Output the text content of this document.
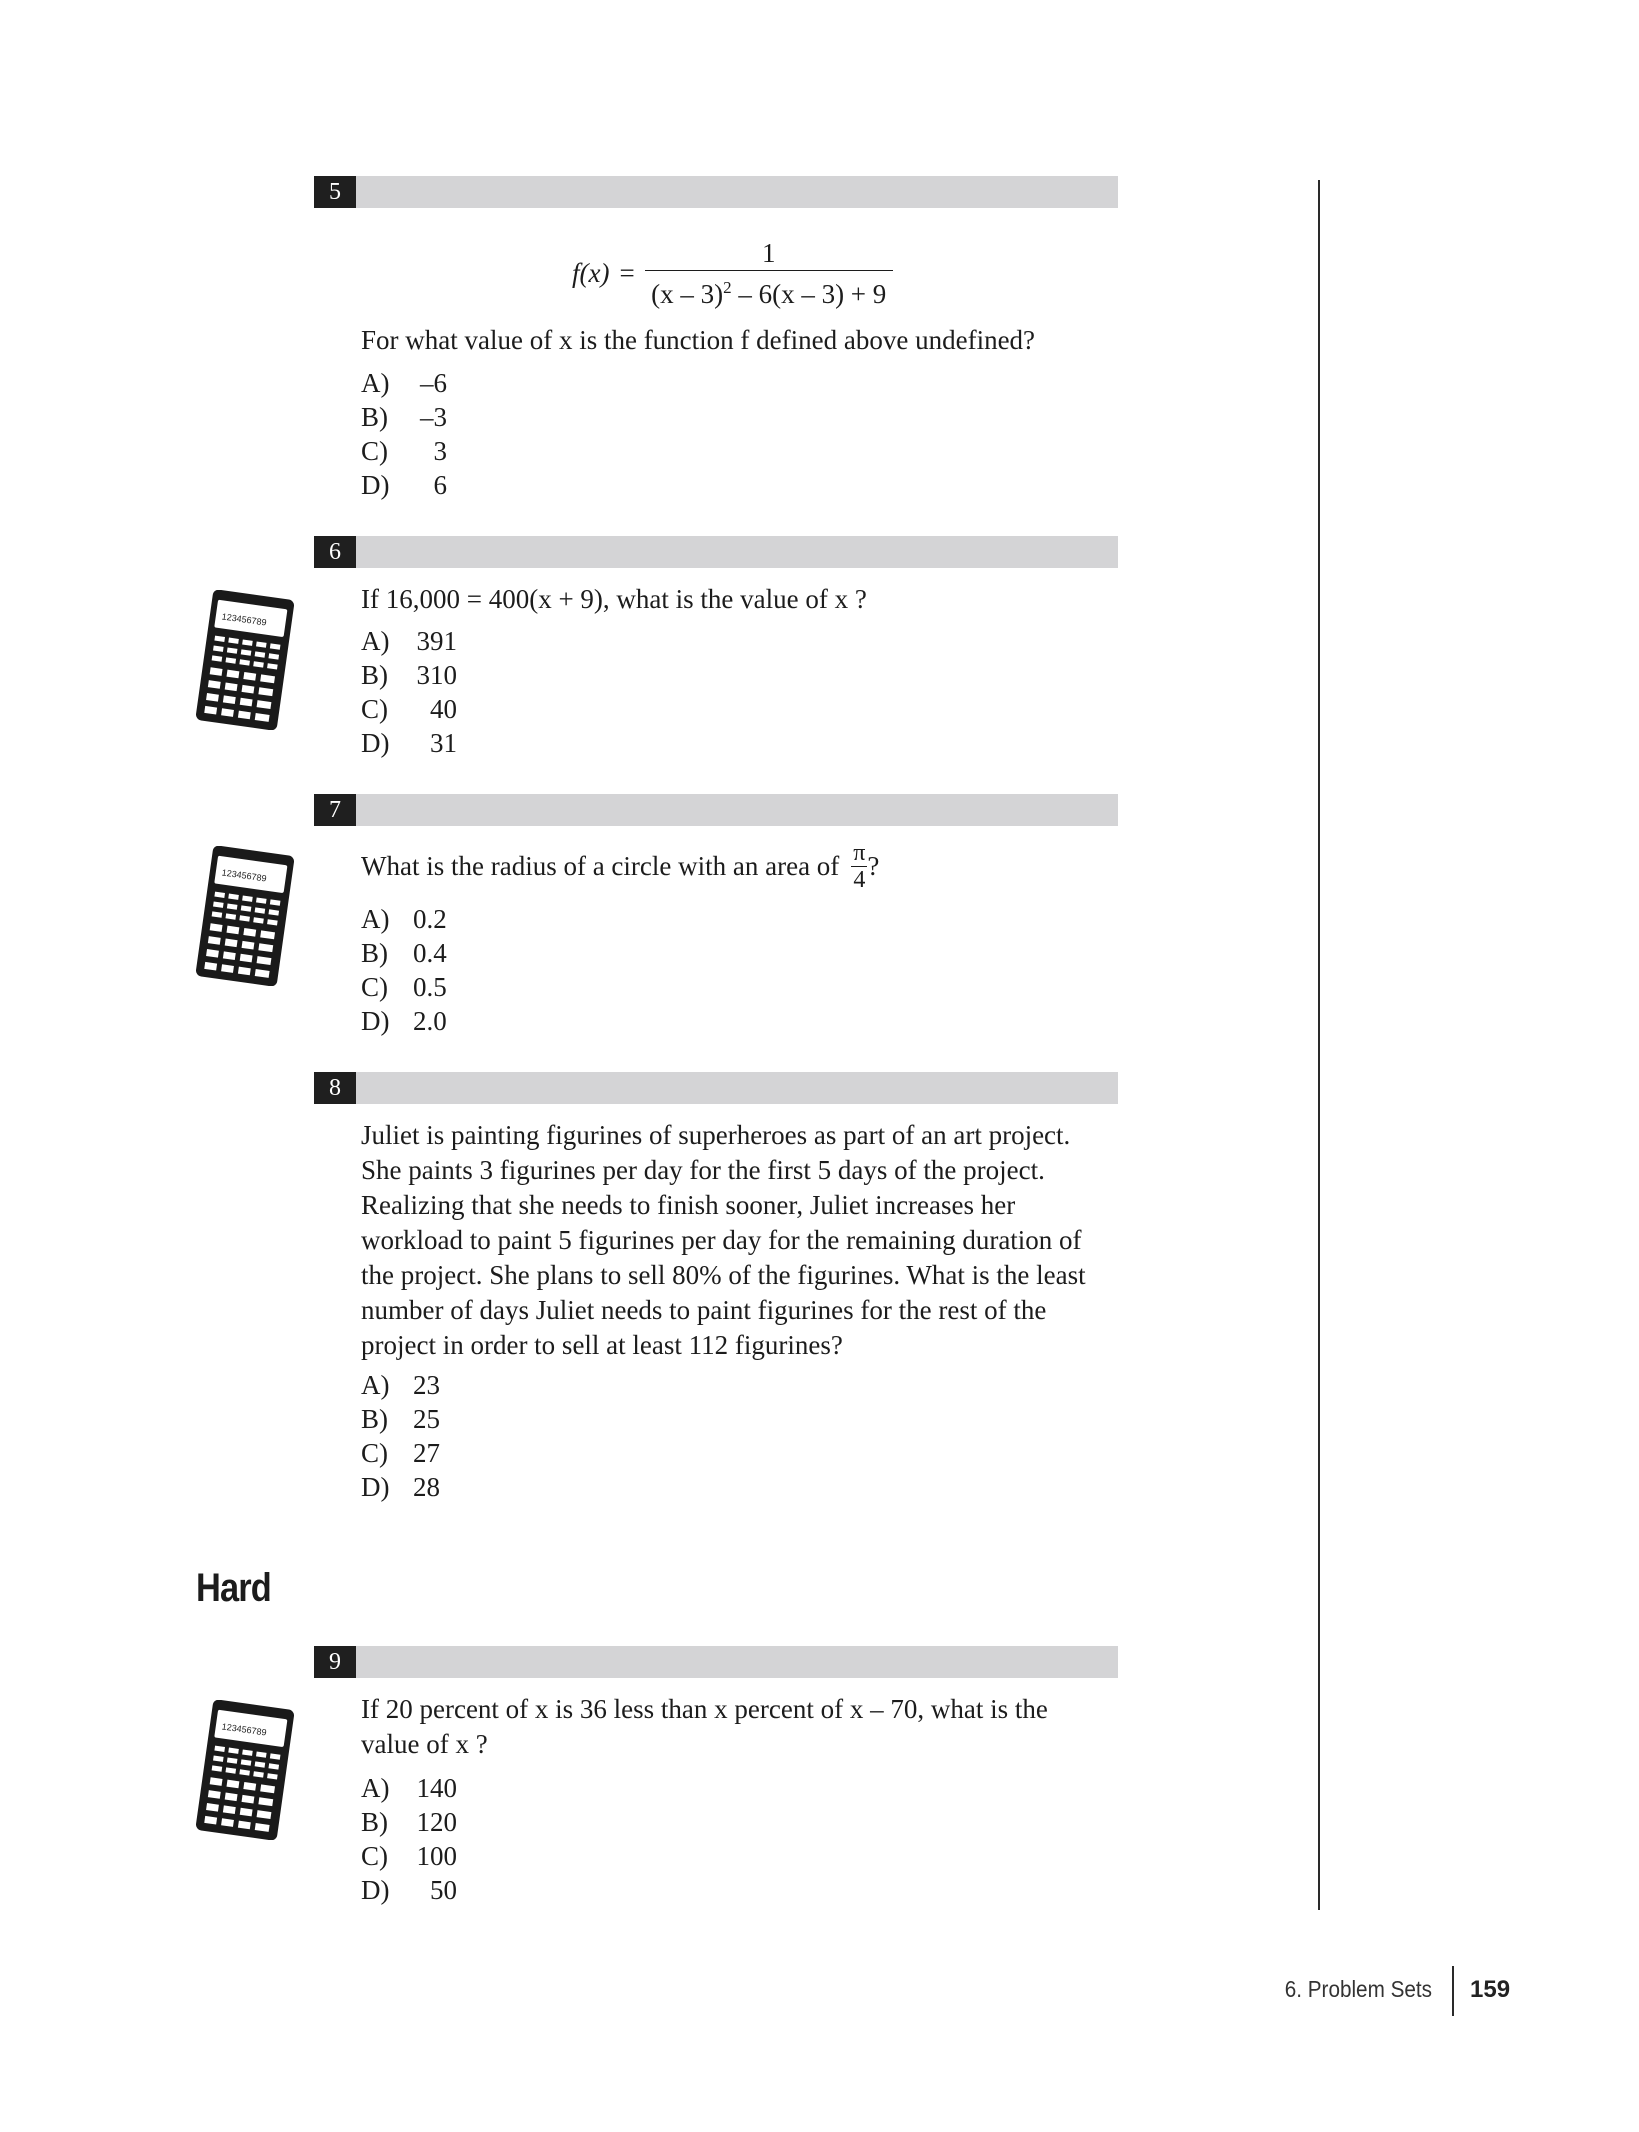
5
$f(x) = \frac{1}{(x - 3)^2 - 6(x - 3) + 9}$
For what value of x is the function f defined above undefined?
A)	–6
B)	–3
C)	3
D)	6
6
123456789
If 16,000 = 400(x + 9), what is the value of x ?
A)	391
B)	310
C)	40
D)	31
7
123456789	What is the radius of a circle with an area of $\frac{\pi}{4}$ ?
A) 0.2
B) 0.4
C) 0.5
D) 2.0
8
Juliet is painting figurines of superheroes as part of an art project.
She paints 3 figurines per day for the first 5 days of the project.
Realizing that she needs to finish sooner, Juliet increases her
workload to paint 5 figurines per day for the remaining duration of
the project. She plans to sell 80% of the figurines. What is the least
number of days Juliet needs to paint figurines for the rest of the
project in order to sell at least 112 figurines?
A) 23
B) 25
C) 27
D) 28
Hard
9
123456789
If 20 percent of x is 36 less than x percent of x – 70, what is the
value of x ?
A)	140
B)	120
C)	100
D)	50
6. Problem Sets 159
